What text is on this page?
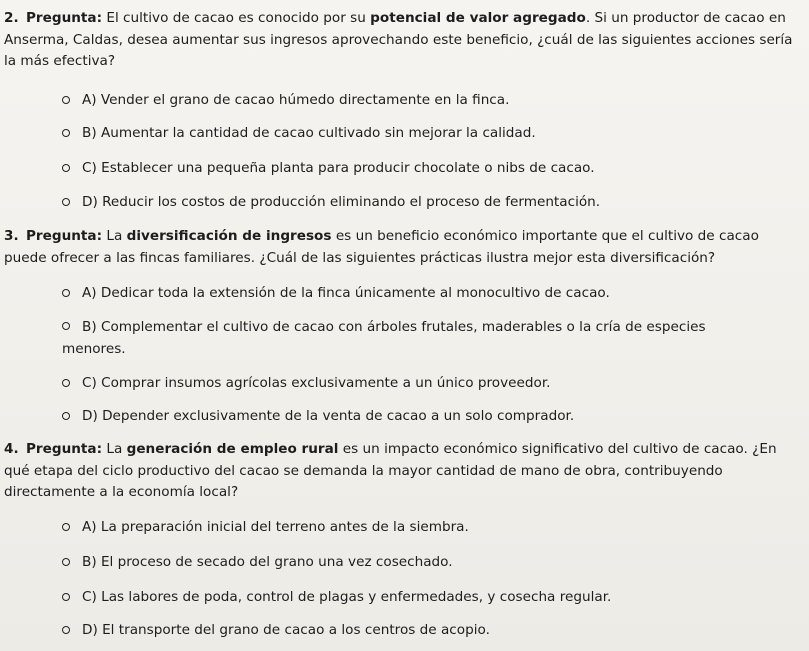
2. Pregunta: El cultivo de cacao es conocido por su potencial de valor agregado. Si un productor de cacao en Anserma, Caldas, desea aumentar sus ingresos aprovechando este beneficio, ¿cuál de las siguientes acciones sería la más efectiva?
A) Vender el grano de cacao húmedo directamente en la finca.
B) Aumentar la cantidad de cacao cultivado sin mejorar la calidad.
C) Establecer una pequeña planta para producir chocolate o nibs de cacao.
D) Reducir los costos de producción eliminando el proceso de fermentación.
3. Pregunta: La diversificación de ingresos es un beneficio económico importante que el cultivo de cacao puede ofrecer a las fincas familiares. ¿Cuál de las siguientes prácticas ilustra mejor esta diversificación?
A) Dedicar toda la extensión de la finca únicamente al monocultivo de cacao.
B) Complementar el cultivo de cacao con árboles frutales, maderables o la cría de especies menores.
C) Comprar insumos agrícolas exclusivamente a un único proveedor.
D) Depender exclusivamente de la venta de cacao a un solo comprador.
4. Pregunta: La generación de empleo rural es un impacto económico significativo del cultivo de cacao. ¿En qué etapa del ciclo productivo del cacao se demanda la mayor cantidad de mano de obra, contribuyendo directamente a la economía local?
A) La preparación inicial del terreno antes de la siembra.
B) El proceso de secado del grano una vez cosechado.
C) Las labores de poda, control de plagas y enfermedades, y cosecha regular.
D) El transporte del grano de cacao a los centros de acopio.
